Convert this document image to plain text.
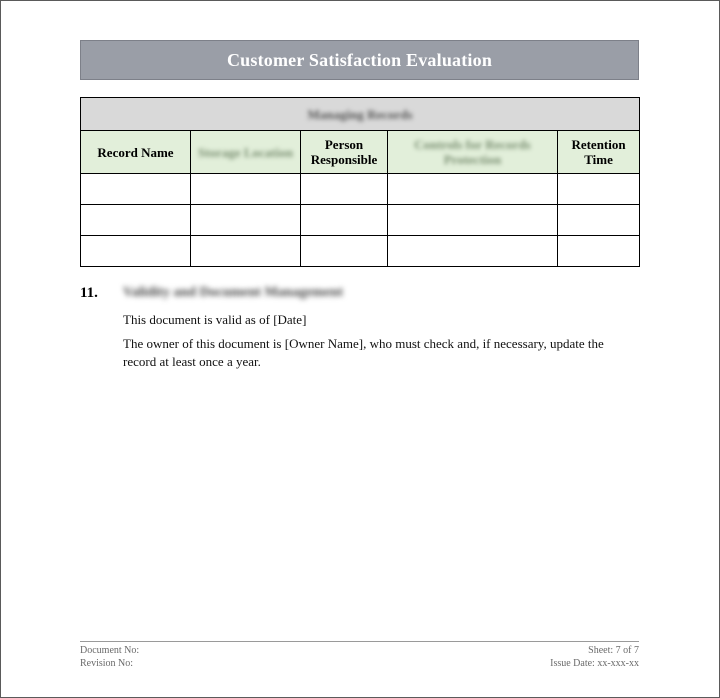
Customer Satisfaction Evaluation
Managing Records				
Record Name	Storage Location	Person Responsible	Controls for Records Protection	Retention Time

11.	Validity and Document Management
This document is valid as of [Date]
The owner of this document is [Owner Name], who must check and, if necessary, update the record at least once a year.
Document No:	Sheet: 7 of 7
Revision No:	Issue Date: xx-xxx-xx
